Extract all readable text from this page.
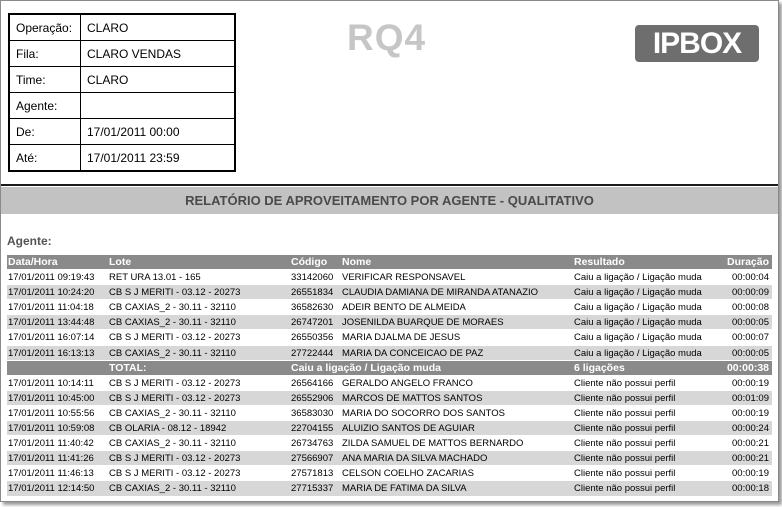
Operação:	CLARO
Fila:	CLARO VENDAS
Time:	CLARO
Agente:	
De:	17/01/2011 00:00
Até:	17/01/2011 23:59
RQ4	IPBOX
RELATÓRIO DE APROVEITAMENTO POR AGENTE - QUALITATIVO
Agente:
Data/Hora	Lote	Código Nome	Resultado	Duração
17/01/2011 09:19:43 RET URA 13.01 - 165	33142060 VERIFICAR RESPONSAVEL	Caiu a ligação / Ligação muda	00:00:04
17/01/2011 10:24:20 CB S J MERITI - 03.12 - 20273	26551834 CLAUDIA DAMIANA DE MIRANDA ATANAZIO	Caiu a ligação / Ligação muda	00:00:09
17/01/2011 11:04:18 CB CAXIAS_2 - 30.11 - 32110	36582630 ADEIR BENTO DE ALMEIDA	Caiu a ligação / Ligação muda	00:00:08
17/01/2011 13:44:48 CB CAXIAS_2 - 30.11 - 32110	26747201 JOSENILDA BUARQUE DE MORAES	Caiu a ligação / Ligação muda	00:00:05
17/01/2011 16:07:14 CB S J MERITI - 03.12 - 20273	26550356 MARIA DJALMA DE JESUS	Caiu a ligação / Ligação muda	00:00:07
17/01/2011 16:13:13 CB CAXIAS_2 - 30.11 - 32110	27722444 MARIA DA CONCEICAO DE PAZ	Caiu a ligação / Ligação muda	00:00:05
TOTAL:	Caiu a ligação / Ligação muda	6 ligações	00:00:38
17/01/2011 10:14:11 CB S J MERITI - 03.12 - 20273	26564166 GERALDO ANGELO FRANCO	Cliente não possui perfil	00:00:19
17/01/2011 10:45:00 CB S J MERITI - 03.12 - 20273	26552906 MARCOS DE MATTOS SANTOS	Cliente não possui perfil	00:01:09
17/01/2011 10:55:56 CB CAXIAS_2 - 30.11 - 32110	36583030 MARIA DO SOCORRO DOS SANTOS	Cliente não possui perfil	00:00:19
17/01/2011 10:59:08 CB OLARIA - 08.12 - 18942	22704155 ALUIZIO SANTOS DE AGUIAR	Cliente não possui perfil	00:00:24
17/01/2011 11:40:42 CB CAXIAS_2 - 30.11 - 32110	26734763 ZILDA SAMUEL DE MATTOS BERNARDO	Cliente não possui perfil	00:00:21
17/01/2011 11:41:26 CB S J MERITI - 03.12 - 20273	27566907 ANA MARIA DA SILVA MACHADO	Cliente não possui perfil	00:00:21
17/01/2011 11:46:13 CB S J MERITI - 03.12 - 20273	27571813 CELSON COELHO ZACARIAS	Cliente não possui perfil	00:00:19
17/01/2011 12:14:50 CB CAXIAS_2 - 30.11 - 32110	27715337 MARIA DE FATIMA DA SILVA	Cliente não possui perfil	00:00:18
